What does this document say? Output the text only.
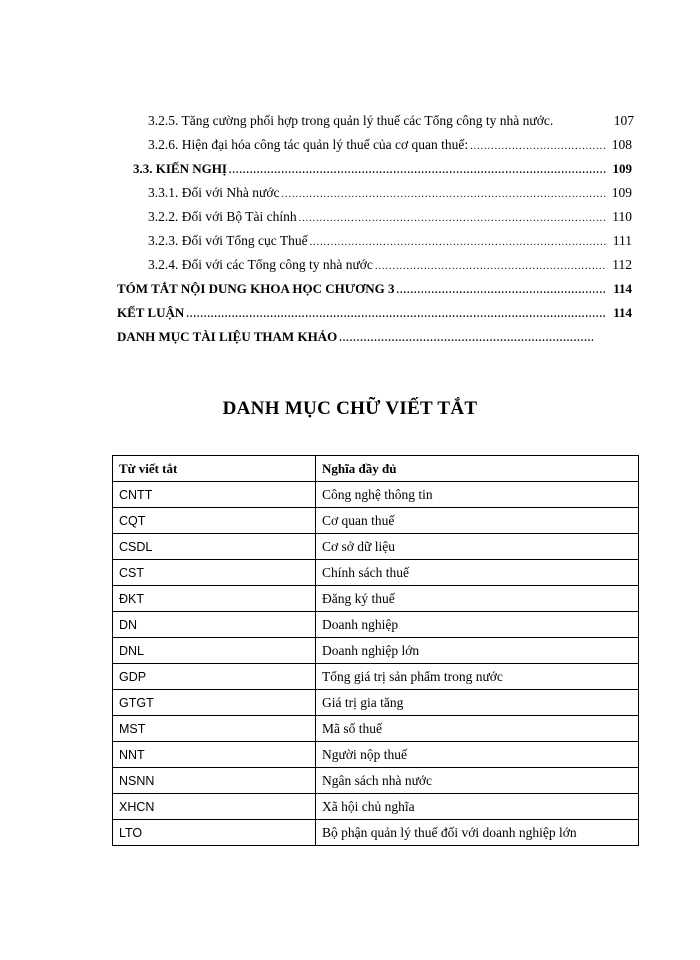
3.2.5. Tăng cường phối hợp trong quản lý thuế các Tổng công ty nhà nước.	107
3.2.6. Hiện đại hóa công tác quản lý thuế của cơ quan thuế: .....	108
3.3. KIẾN NGHỊ .....	109
3.3.1. Đối với Nhà nước .....	109
3.2.2. Đối với Bộ Tài chính .....	110
3.2.3. Đối với Tổng cục Thuế .....	111
3.2.4. Đối với các Tổng công ty nhà nước .....	112
TÓM TẮT NỘI DUNG KHOA HỌC CHƯƠNG 3 .....	114
KẾT LUẬN .....	114
DANH MỤC TÀI LIỆU THAM KHẢO
.....
DANH MỤC CHỮ VIẾT TẮT
Từ viết tắt	Nghĩa đầy đủ
CNTT	Công nghệ thông tin
CQT	Cơ quan thuế
CSDL	Cơ sở dữ liệu
CST	Chính sách thuế
ĐKT	Đăng ký thuế
DN	Doanh nghiệp
DNL	Doanh nghiệp lớn
GDP	Tổng giá trị sản phẩm trong nước
GTGT	Giá trị gia tăng
MST	Mã số thuế
NNT	Người nộp thuế
NSNN	Ngân sách nhà nước
XHCN	Xã hội chủ nghĩa
LTO	Bộ phận quản lý thuế đối với doanh nghiệp lớn
